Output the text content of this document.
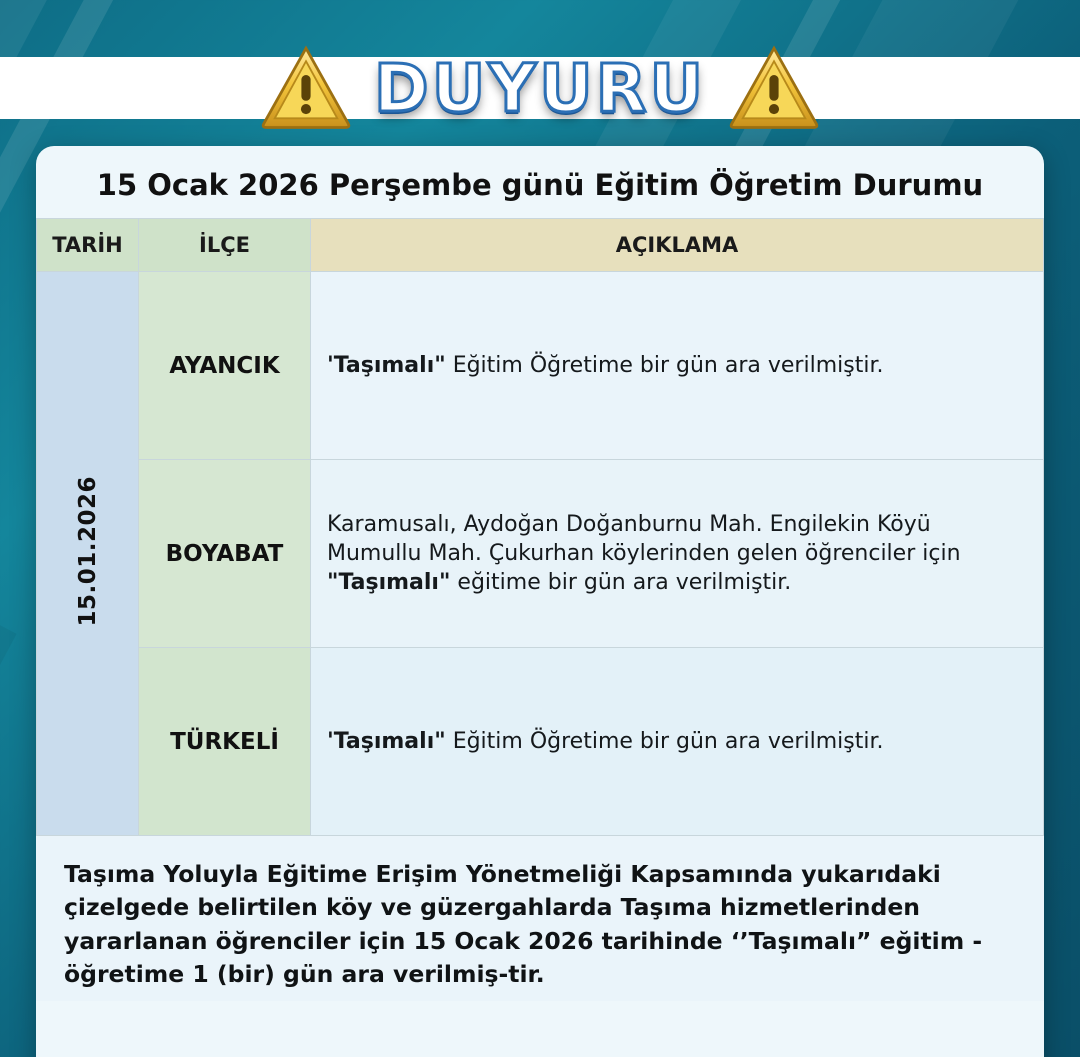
DUYURU
15 Ocak 2026 Perşembe günü Eğitim Öğretim Durumu
TARİH	İLÇE	AÇIKLAMA
15.01.2026	AYANCIK	'Taşımalı" Eğitim Öğretime bir gün ara verilmiştir.
	BOYABAT	Karamusalı, Aydoğan Doğanburnu Mah. Engilekin Köyü Mumullu Mah. Çukurhan köylerinden gelen öğrenciler için "Taşımalı" eğitime bir gün ara verilmiştir.
	TÜRKELİ	'Taşımalı" Eğitim Öğretime bir gün ara verilmiştir.
Taşıma Yoluyla Eğitime Erişim Yönetmeliği Kapsamında yukarıdaki çizelgede belirtilen köy ve güzergahlarda Taşıma hizmetlerinden yararlanan öğrenciler için 15 Ocak 2026 tarihinde ‘’Taşımalı” eğitim - öğretime 1 (bir) gün ara verilmiş-tir.
